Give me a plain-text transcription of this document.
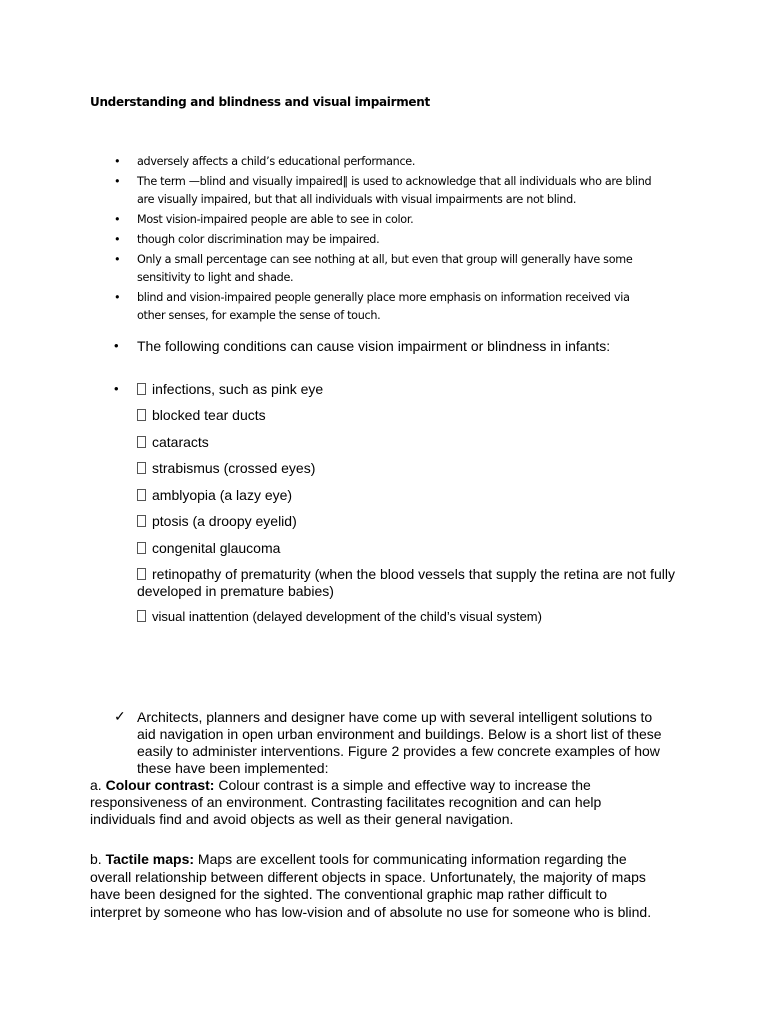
Understanding and blindness and visual impairment
• adversely affects a child’s educational performance.
• The term —blind and visually impaired‖ is used to acknowledge that all individuals who are blind
are visually impaired, but that all individuals with visual impairments are not blind.
• Most vision-impaired people are able to see in color.
• though color discrimination may be impaired.
• Only a small percentage can see nothing at all, but even that group will generally have some
sensitivity to light and shade.
• blind and vision-impaired people generally place more emphasis on information received via
other senses, for example the sense of touch.
• The following conditions can cause vision impairment or blindness in infants:
•	infections, such as pink eye
blocked tear ducts
cataracts
strabismus (crossed eyes)
amblyopia (a lazy eye)
ptosis (a droopy eyelid)
congenital glaucoma
retinopathy of prematurity (when the blood vessels that supply the retina are not fully
developed in premature babies)
visual inattention (delayed development of the child’s visual system)
✓ Architects, planners and designer have come up with several intelligent solutions to
aid navigation in open urban environment and buildings. Below is a short list of these
easily to administer interventions. Figure 2 provides a few concrete examples of how
these have been implemented:
a. Colour contrast: Colour contrast is a simple and effective way to increase the
responsiveness of an environment. Contrasting facilitates recognition and can help
individuals find and avoid objects as well as their general navigation.
b. Tactile maps: Maps are excellent tools for communicating information regarding the
overall relationship between different objects in space. Unfortunately, the majority of maps
have been designed for the sighted. The conventional graphic map rather difficult to
interpret by someone who has low-vision and of absolute no use for someone who is blind.
